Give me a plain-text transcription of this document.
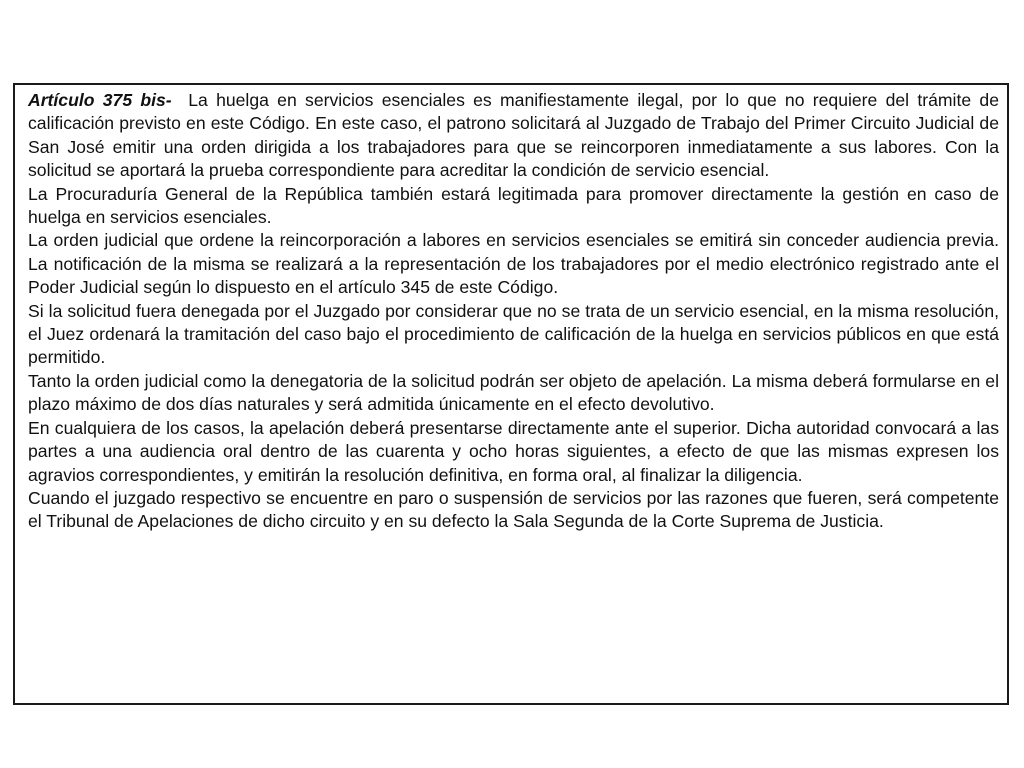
Artículo 375 bis- La huelga en servicios esenciales es manifiestamente ilegal, por lo que no requiere del trámite de calificación previsto en este Código. En este caso, el patrono solicitará al Juzgado de Trabajo del Primer Circuito Judicial de San José emitir una orden dirigida a los trabajadores para que se reincorporen inmediatamente a sus labores. Con la solicitud se aportará la prueba correspondiente para acreditar la condición de servicio esencial.

La Procuraduría General de la República también estará legitimada para promover directamente la gestión en caso de huelga en servicios esenciales.

La orden judicial que ordene la reincorporación a labores en servicios esenciales se emitirá sin conceder audiencia previa. La notificación de la misma se realizará a la representación de los trabajadores por el medio electrónico registrado ante el Poder Judicial según lo dispuesto en el artículo 345 de este Código.

Si la solicitud fuera denegada por el Juzgado por considerar que no se trata de un servicio esencial, en la misma resolución, el Juez ordenará la tramitación del caso bajo el procedimiento de calificación de la huelga en servicios públicos en que está permitido.

Tanto la orden judicial como la denegatoria de la solicitud podrán ser objeto de apelación. La misma deberá formularse en el plazo máximo de dos días naturales y será admitida únicamente en el efecto devolutivo.

En cualquiera de los casos, la apelación deberá presentarse directamente ante el superior. Dicha autoridad convocará a las partes a una audiencia oral dentro de las cuarenta y ocho horas siguientes, a efecto de que las mismas expresen los agravios correspondientes, y emitirán la resolución definitiva, en forma oral, al finalizar la diligencia.

Cuando el juzgado respectivo se encuentre en paro o suspensión de servicios por las razones que fueren, será competente el Tribunal de Apelaciones de dicho circuito y en su defecto la Sala Segunda de la Corte Suprema de Justicia.
